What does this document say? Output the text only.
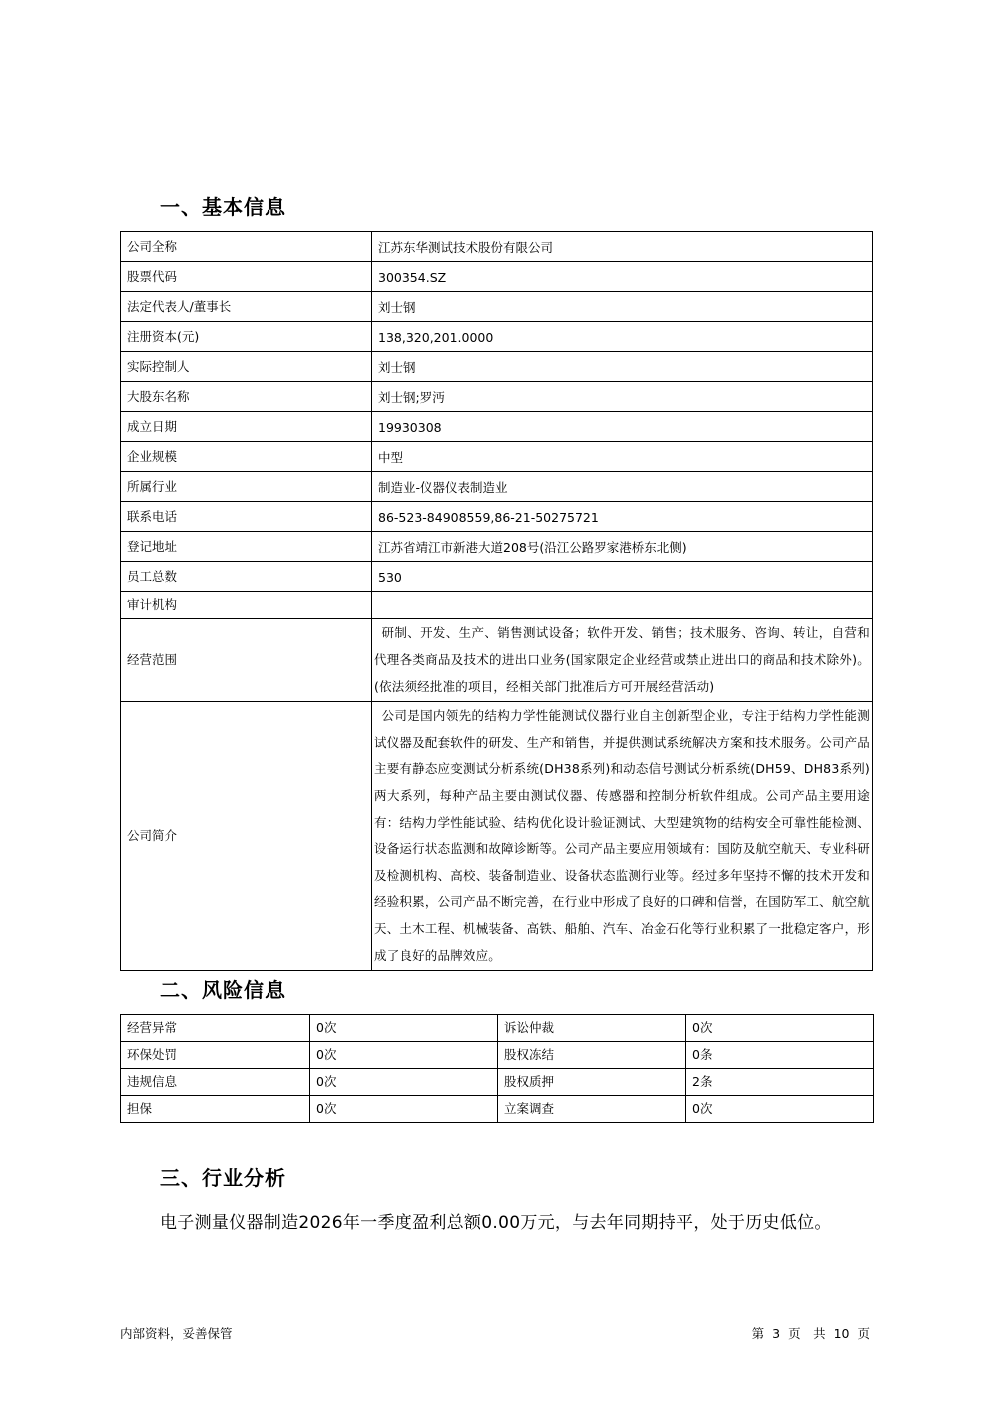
一、基本信息
公司全称	江苏东华测试技术股份有限公司
股票代码	300354.SZ
法定代表人/董事长	刘士钢
注册资本(元)	138,320,201.0000
实际控制人	刘士钢
大股东名称	刘士钢;罗沔
成立日期	19930308
企业规模	中型
所属行业	制造业-仪器仪表制造业
联系电话	86-523-84908559,86-21-50275721
登记地址	江苏省靖江市新港大道208号(沿江公路罗家港桥东北侧)
员工总数	530
审计机构	
经营范围	研制、开发、生产、销售测试设备；软件开发、销售；技术服务、咨询、转让，自营和代理各类商品及技术的进出口业务(国家限定企业经营或禁止进出口的商品和技术除外)。(依法须经批准的项目，经相关部门批准后方可开展经营活动)
公司简介	公司是国内领先的结构力学性能测试仪器行业自主创新型企业，专注于结构力学性能测试仪器及配套软件的研发、生产和销售，并提供测试系统解决方案和技术服务。公司产品主要有静态应变测试分析系统(DH38系列)和动态信号测试分析系统(DH59、DH83系列)两大系列，每种产品主要由测试仪器、传感器和控制分析软件组成。公司产品主要用途有：结构力学性能试验、结构优化设计验证测试、大型建筑物的结构安全可靠性能检测、设备运行状态监测和故障诊断等。公司产品主要应用领域有：国防及航空航天、专业科研及检测机构、高校、装备制造业、设备状态监测行业等。经过多年坚持不懈的技术开发和经验积累，公司产品不断完善，在行业中形成了良好的口碑和信誉，在国防军工、航空航天、土木工程、机械装备、高铁、船舶、汽车、冶金石化等行业积累了一批稳定客户，形成了良好的品牌效应。
二、风险信息
经营异常	0次	诉讼仲裁	0次
环保处罚	0次	股权冻结	0条
违规信息	0次	股权质押	2条
担保	0次	立案调查	0次
三、行业分析

电子测量仪器制造2026年一季度盈利总额0.00万元，与去年同期持平，处于历史低位。

内部资料，妥善保管	第 3 页　共 10 页
